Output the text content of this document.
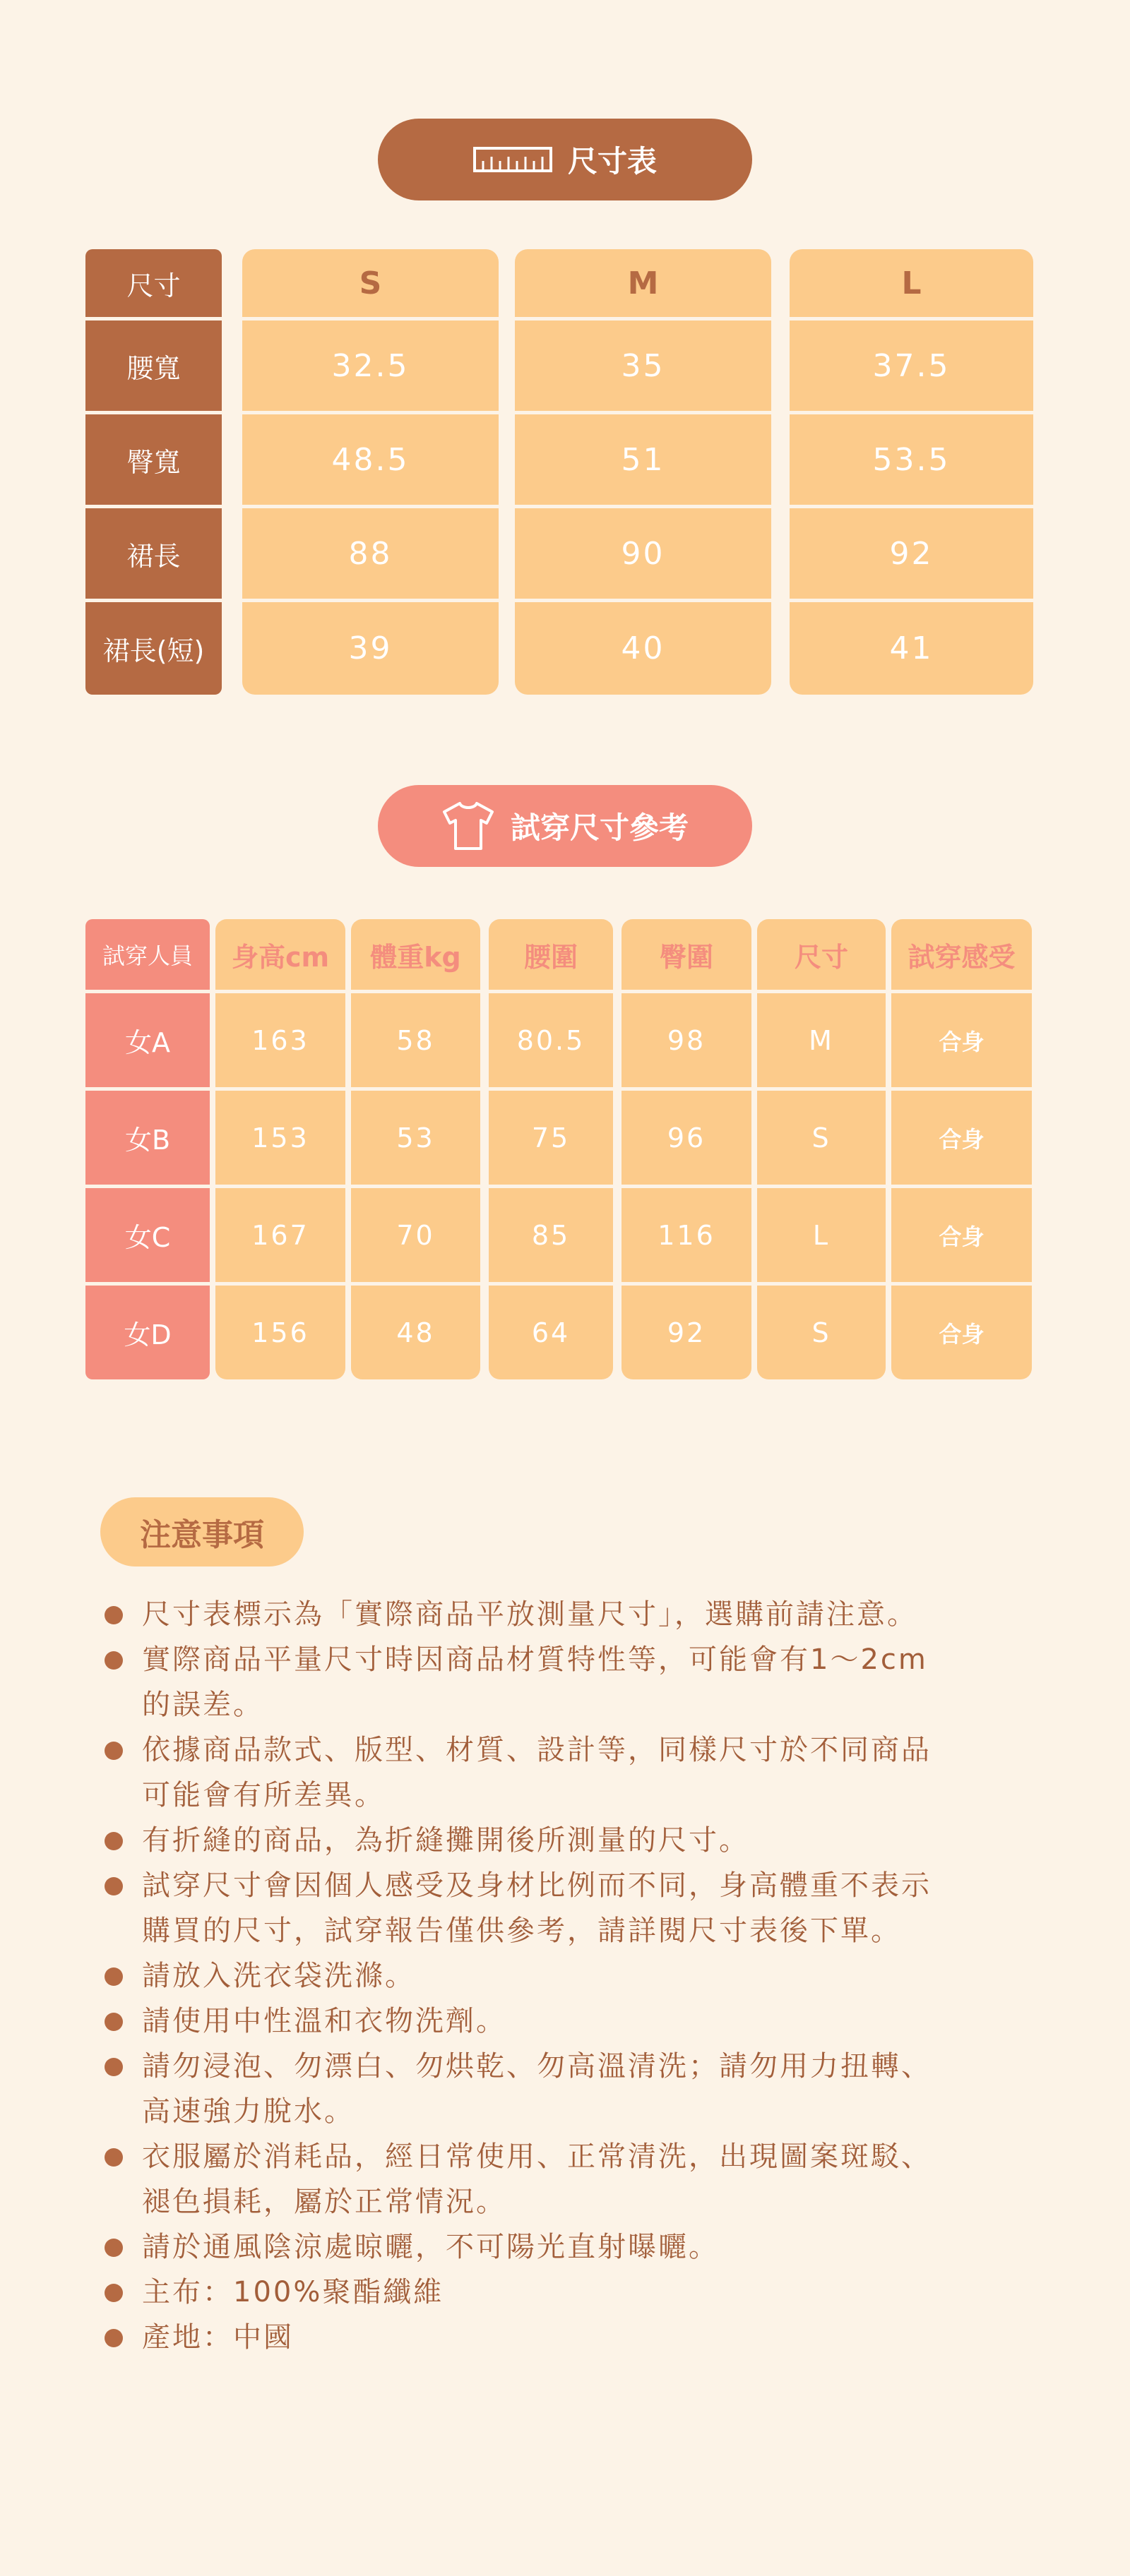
尺寸表
尺寸	S	M	L
腰寬	32.5	35	37.5
臀寬	48.5	51	53.5
裙長	88	90	92
裙長(短)	39	40	41
試穿尺寸參考
試穿人員	身高cm	體重kg	腰圍	臀圍	尺寸	試穿感受
女A	163	58	80.5	98	M	合身
女B	153	53	75	96	S	合身
女C	167	70	85	116	L	合身
女D	156	48	64	92	S	合身
注意事項
尺寸表標示為「實際商品平放測量尺寸」，選購前請注意。
實際商品平量尺寸時因商品材質特性等，可能會有1～2cm
的誤差。
依據商品款式、版型、材質、設計等，同樣尺寸於不同商品
可能會有所差異。
有折縫的商品，為折縫攤開後所測量的尺寸。
試穿尺寸會因個人感受及身材比例而不同，身高體重不表示
購買的尺寸，試穿報告僅供參考，請詳閱尺寸表後下單。
請放入洗衣袋洗滌。
請使用中性溫和衣物洗劑。
請勿浸泡、勿漂白、勿烘乾、勿高溫清洗；請勿用力扭轉、
高速強力脫水。
衣服屬於消耗品，經日常使用、正常清洗，出現圖案斑駁、
褪色損耗，屬於正常情況。
請於通風陰涼處晾曬，不可陽光直射曝曬。
主布：100%聚酯纖維
產地：中國
